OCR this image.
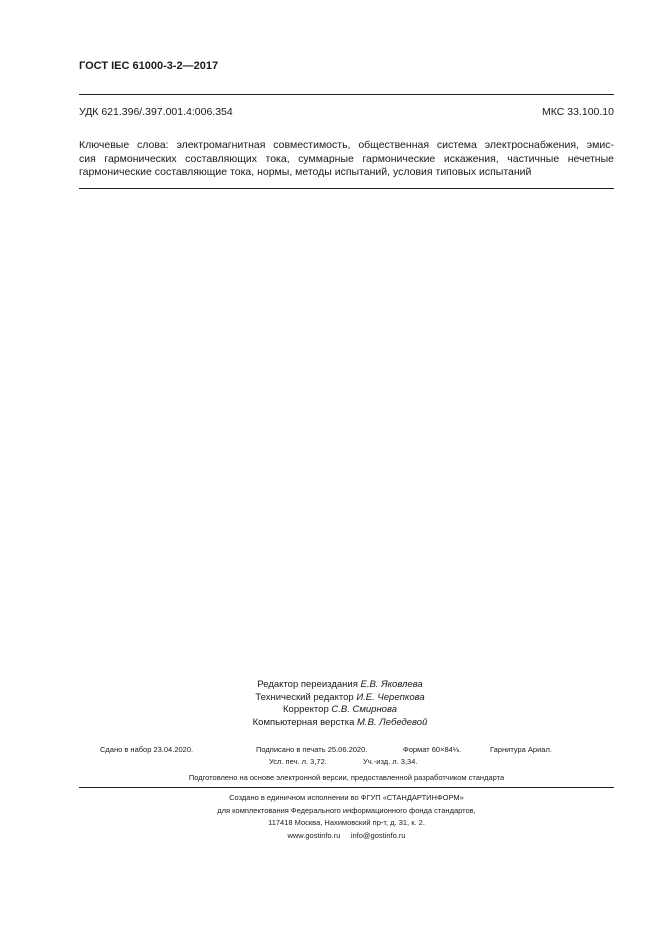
ГОСТ IEC 61000-3-2—2017
УДК 621.396/.397.001.4:006.354	МКС 33.100.10
Ключевые слова: электромагнитная совместимость, общественная система электроснабжения, эмис-
сия гармонических составляющих тока, суммарные гармонические искажения, частичные нечетные
гармонические составляющие тока, нормы, методы испытаний, условия типовых испытаний
Редактор переиздания Е.В. Яковлева
Технический редактор И.Е. Черепкова
Корректор С.В. Смирнова
Компьютерная верстка М.В. Лебедевой
Сдано в набор 23.04.2020.	Подписано в печать 25.06.2020.	Формат 60×84⅛.	Гарнитура Ариал.
Усл. печ. л. 3,72.	Уч.-изд. л. 3,34.
Подготовлено на основе электронной версии, предоставленной разработчиком стандарта
Создано в единичном исполнении во ФГУП «СТАНДАРТИНФОРМ»
для комплектования Федерального информационного фонда стандартов,
117418 Москва, Нахимовский пр-т, д. 31, к. 2.
www.gostinfo.ru info@gostinfo.ru
